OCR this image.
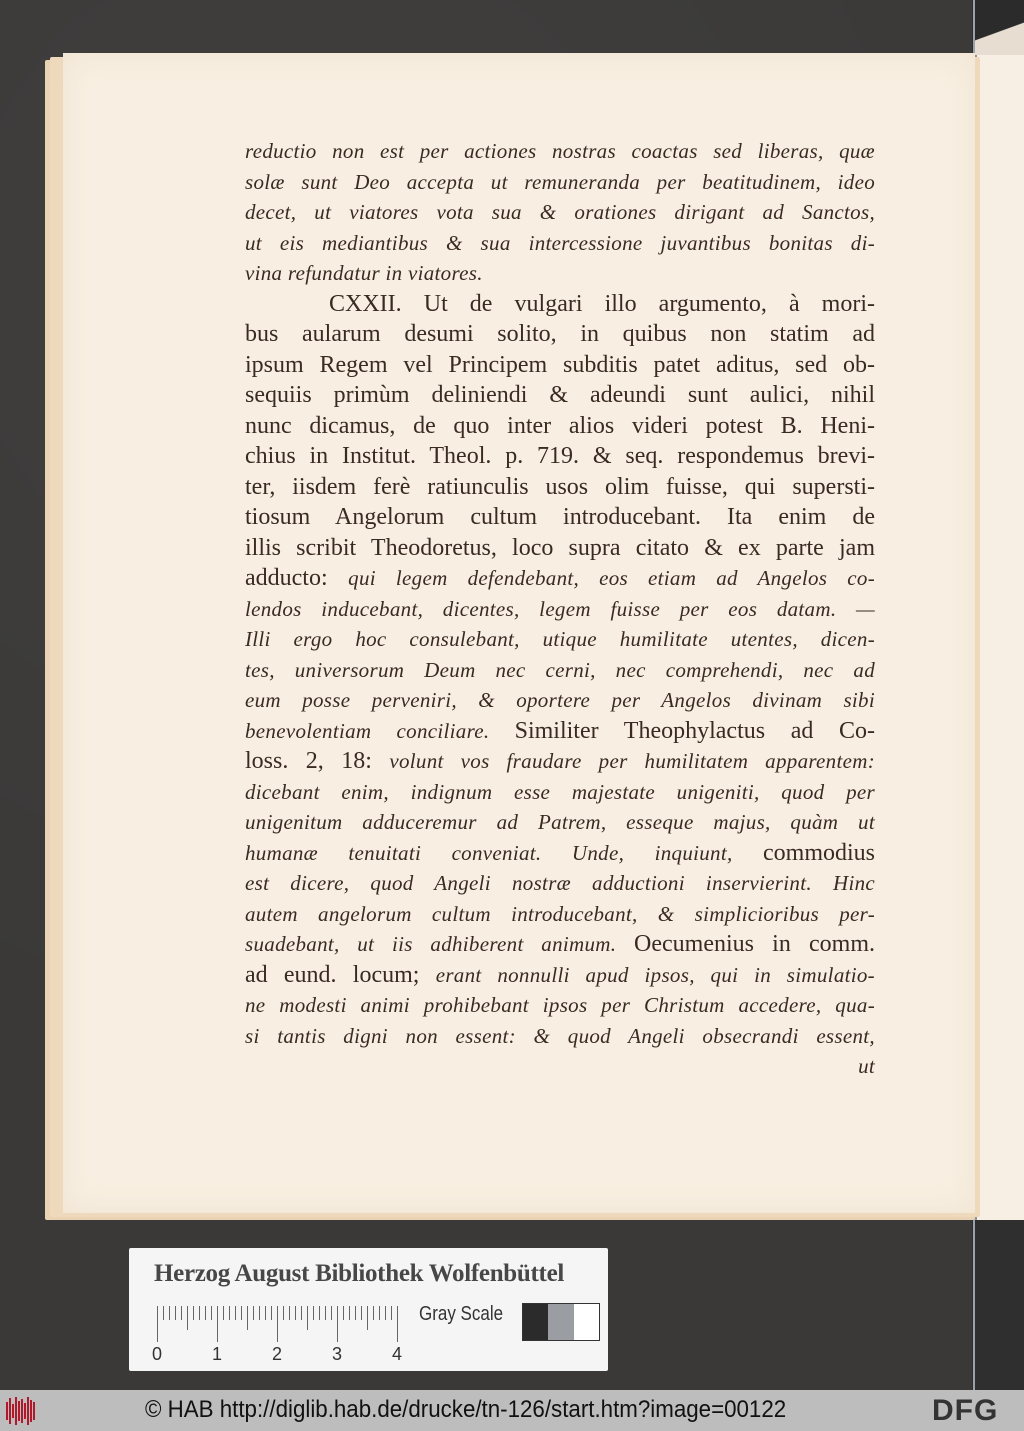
reductio non est per actiones nostras coactas sed liberas, quæ
solæ sunt Deo accepta ut remuneranda per beatitudinem, ideo
decet, ut viatores vota sua & orationes dirigant ad Sanctos,
ut eis mediantibus & sua intercessione juvantibus bonitas di-
vina refundatur in viatores.
CXXII. Ut de vulgari illo argumento, à mori-
bus aularum desumi solito, in quibus non statim ad
ipsum Regem vel Principem subditis patet aditus, sed ob-
sequiis primùm deliniendi & adeundi sunt aulici, nihil
nunc dicamus, de quo inter alios videri potest B. Heni-
chius in Institut. Theol. p. 719. & seq. respondemus brevi-
ter, iisdem ferè ratiunculis usos olim fuisse, qui supersti-
tiosum Angelorum cultum introducebant. Ita enim de
illis scribit Theodoretus, loco supra citato & ex parte jam
adducto: qui legem defendebant, eos etiam ad Angelos co-
lendos inducebant, dicentes, legem fuisse per eos datam. —
Illi ergo hoc consulebant, utique humilitate utentes, dicen-
tes, universorum Deum nec cerni, nec comprehendi, nec ad
eum posse perveniri, & oportere per Angelos divinam sibi
benevolentiam conciliare. Similiter Theophylactus ad Co-
loss. 2, 18: volunt vos fraudare per humilitatem apparentem:
dicebant enim, indignum esse majestate unigeniti, quod per
unigenitum adduceremur ad Patrem, esseque majus, quàm ut
humanæ tenuitati conveniat. Unde, inquiunt, commodius
est dicere, quod Angeli nostræ adductioni inservierint. Hinc
autem angelorum cultum introducebant, & simplicioribus per-
suadebant, ut iis adhiberent animum. Oecumenius in comm.
ad eund. locum; erant nonnulli apud ipsos, qui in simulatio-
ne modesti animi prohibebant ipsos per Christum accedere, qua-
si tantis digni non essent: & quod Angeli obsecrandi essent,
ut
Herzog August Bibliothek Wolfenbüttel
0	1	2	3	4
Gray Scale
© HAB http://diglib.hab.de/drucke/tn-126/start.htm?image=00122	DFG
